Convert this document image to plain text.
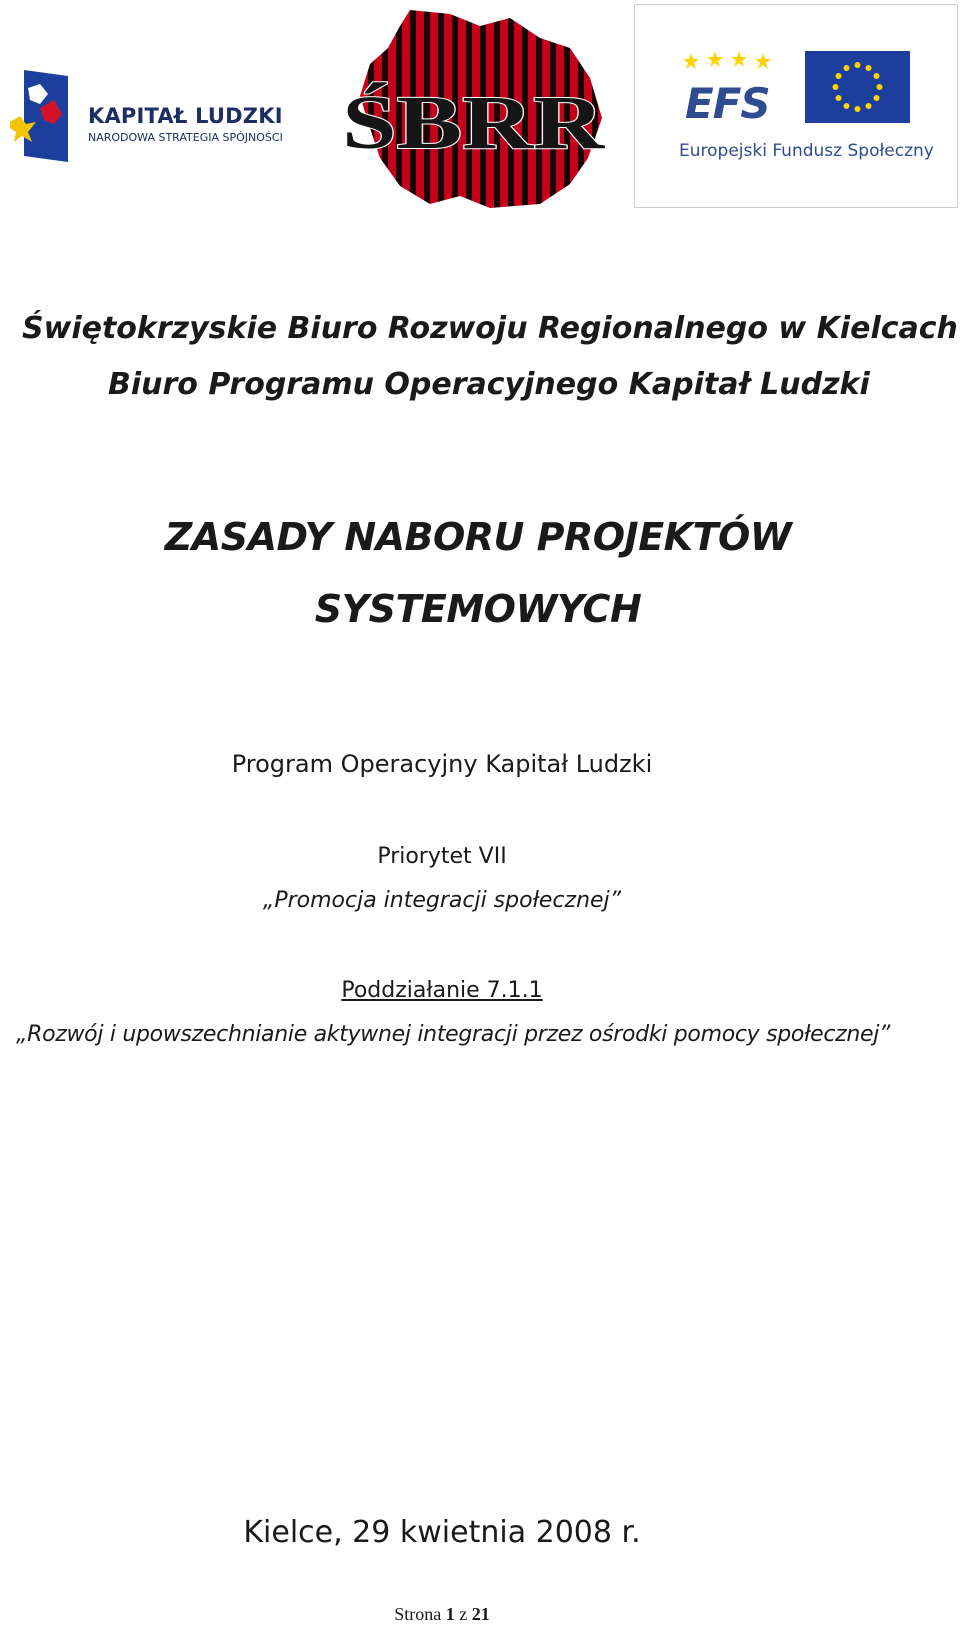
KAPITAŁ LUDZKI
NARODOWA STRATEGIA SPÓJNOŚCI ŚBRR EFS
Europejski Fundusz Społeczny
Świętokrzyskie Biuro Rozwoju Regionalnego w Kielcach
Biuro Programu Operacyjnego Kapitał Ludzki
ZASADY NABORU PROJEKTÓW
SYSTEMOWYCH
Program Operacyjny Kapitał Ludzki
Priorytet VII
„Promocja integracji społecznej”
Poddziałanie 7.1.1
„Rozwój i upowszechnianie aktywnej integracji przez ośrodki pomocy społecznej”
Kielce, 29 kwietnia 2008 r.
Strona 1 z 21
